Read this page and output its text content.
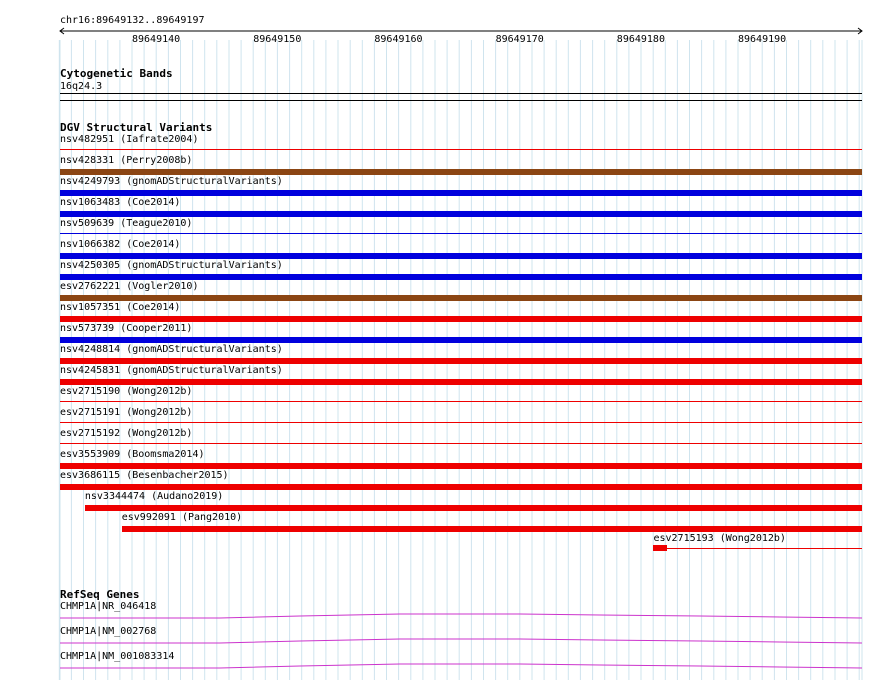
chr16:89649132..89649197
89649140	89649150	89649160	89649170	89649180	89649190
Cytogenetic Bands
16q24.3
DGV Structural Variants
nsv482951 (Iafrate2004)
nsv428331 (Perry2008b)
nsv4249793 (gnomADStructuralVariants)
nsv1063483 (Coe2014)
nsv509639 (Teague2010)
nsv1066382 (Coe2014)
nsv4250305 (gnomADStructuralVariants)
esv2762221 (Vogler2010)
nsv1057351 (Coe2014)
nsv573739 (Cooper2011)
nsv4248814 (gnomADStructuralVariants)
nsv4245831 (gnomADStructuralVariants)
esv2715190 (Wong2012b)
esv2715191 (Wong2012b)
esv2715192 (Wong2012b)
esv3553909 (Boomsma2014)
esv3686115 (Besenbacher2015)
nsv3344474 (Audano2019)
esv992091 (Pang2010)
esv2715193 (Wong2012b)
RefSeq Genes
CHMP1A|NR_046418
CHMP1A|NM_002768
CHMP1A|NM_001083314
